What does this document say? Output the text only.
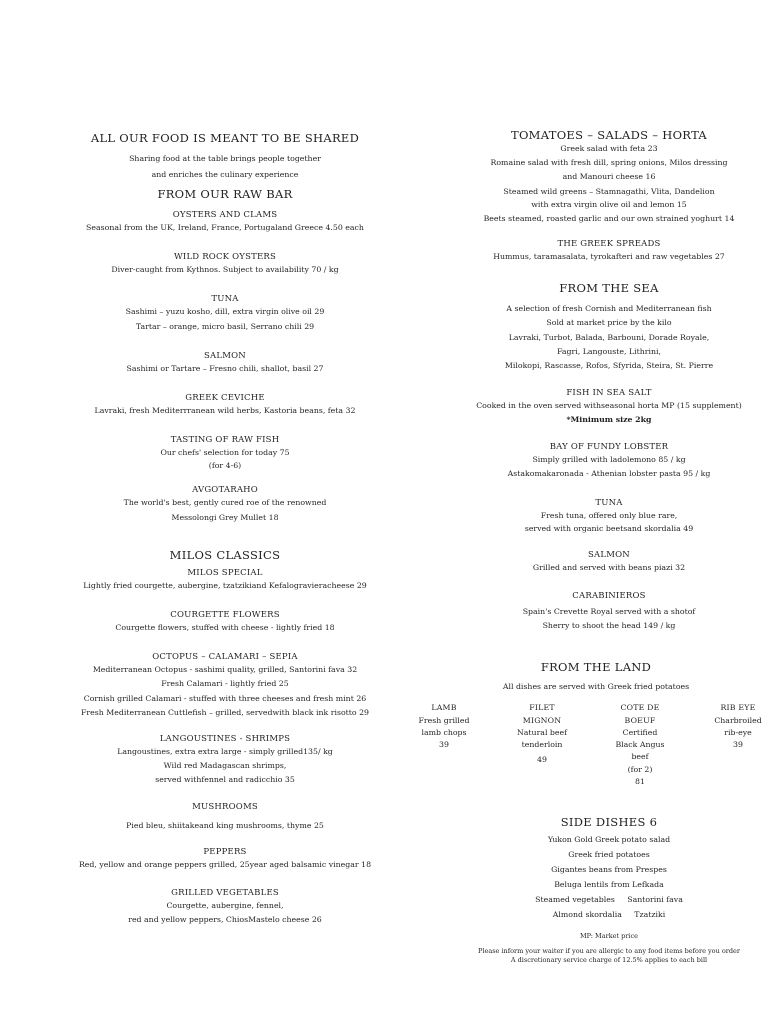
ALL OUR FOOD IS MEANT TO BE SHARED

Sharing food at the table brings people together

and enriches the culinary experience

FROM OUR RAW BAR

OYSTERS AND CLAMS

Seasonal from the UK, Ireland, France, Portugaland Greece 4.50 each

WILD ROCK OYSTERS

Diver-caught from Kythnos. Subject to availability 70 / kg

TUNA

Sashimi – yuzu kosho, dill, extra virgin olive oil 29

Tartar – orange, micro basil, Serrano chili 29

SALMON

Sashimi or Tartare – Fresno chili, shallot, basil 27

GREEK CEVICHE

Lavraki, fresh Mediterrranean wild herbs, Kastoria beans, feta 32

TASTING OF RAW FISH

Our chefs' selection for today 75

(for 4-6)

AVGOTARAHO

The world's best, gently cured roe of the renowned

Messolongi Grey Mullet 18

MILOS CLASSICS

MILOS SPECIAL

Lightly fried courgette, aubergine, tzatzikiand Kefalogravieracheese 29

COURGETTE FLOWERS

Courgette flowers, stuffed with cheese - lightly fried 18

OCTOPUS – CALAMARI – SEPIA

Mediterranean Octopus - sashimi quality, grilled, Santorini fava 32

Fresh Calamari - lightly fried 25

Cornish grilled Calamari - stuffed with three cheeses and fresh mint 26

Fresh Mediterranean Cuttlefish – grilled, servedwith black ink risotto 29

LANGOUSTINES - SHRIMPS

Langoustines, extra extra large - simply grilled135/ kg

Wild red Madagascan shrimps,

served withfennel and radicchio 35

MUSHROOMS

Pied bleu, shiitakeand king mushrooms, thyme 25

PEPPERS

Red, yellow and orange peppers grilled, 25year aged balsamic vinegar 18

GRILLED VEGETABLES

Courgette, aubergine, fennel,

red and yellow peppers, ChiosMastelo cheese 26

TOMATOES – SALADS – HORTA

Greek salad with feta 23

Romaine salad with fresh dill, spring onions, Milos dressing

and Manouri cheese 16

Steamed wild greens – Stamnagathi, Vlita, Dandelion

with extra virgin olive oil and lemon 15

Beets steamed, roasted garlic and our own strained yoghurt 14

THE GREEK SPREADS

Hummus, taramasalata, tyrokafteri and raw vegetables 27

FROM THE SEA

A selection of fresh Cornish and Mediterranean fish

Sold at market price by the kilo

Lavraki, Turbot, Balada, Barbouni, Dorade Royale,

Fagri, Langouste, Lithrini,

Milokopi, Rascasse, Rofos, Sfyrida, Steira, St. Pierre

FISH IN SEA SALT

Cooked in the oven served withseasonal horta MP (15 supplement)

*Minimum size 2kg

BAY OF FUNDY LOBSTER

Simply grilled with ladolemono 85 / kg

Astakomakaronada - Athenian lobster pasta 95 / kg

TUNA

Fresh tuna, offered only blue rare,

served with organic beetsand skordalia 49

SALMON

Grilled and served with beans piazi 32

CARABINIEROS

Spain's Crevette Royal served with a shotof

Sherry to shoot the head 149 / kg

FROM THE LAND

All dishes are served with Greek fried potatoes

LAMB

Fresh grilled

lamb chops

39

FILET

MIGNON

Natural beef

tenderloin

49

COTE DE

BOEUF

Certified

Black Angus

beef

(for 2)

81

RIB EYE

Charbroiled

rib-eye

39

SIDE DISHES 6

Yukon Gold Greek potato salad

Greek fried potatoes

Gigantes beans from Prespes

Beluga lentils from Lefkada

Steamed vegetables     Santorini fava

Almond skordalia     Tzatziki

MP: Market price

Please inform your waiter if you are allergic to any food items before you order

A discretionary service charge of 12.5% applies to each bill
